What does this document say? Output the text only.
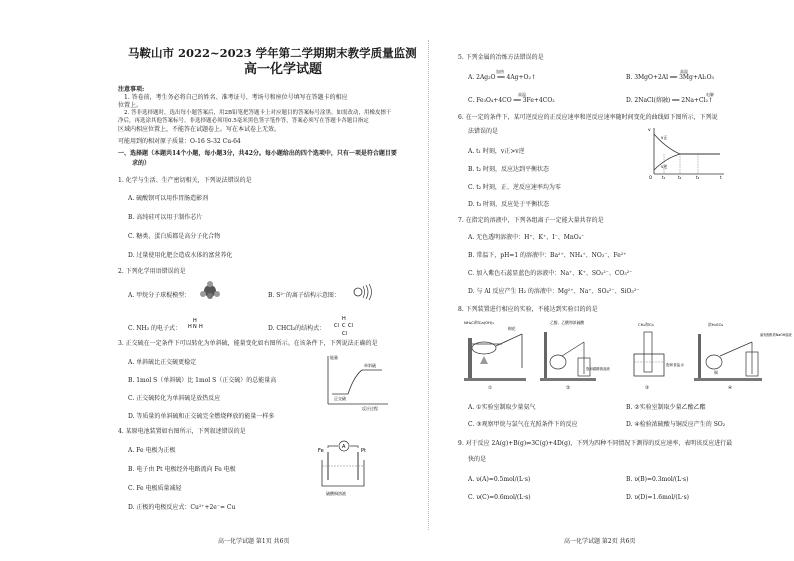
马鞍山市 2022~2023 学年第二学期期末教学质量监测
高一化学试题
注意事项:
1. 答卷前，考生务必将自己的姓名、准考证号、考场号和座位号填写在答题卡的相应
位置上。
2. 答非选择题时，选出每小题答案后，用2B铅笔把答题卡上对应题目的答案标号涂黑。如需改动，用橡皮擦干
净后，再选涂其他答案标号。非选择题必须用0.5毫米黑色签字笔作答，答案必须写在答题卡各题目指定
区域内相应位置上，不能答在试题卷上。写在本试卷上无效。
可能用到的相对原子质量：O-16 S-32 Cu-64
一、选择题（本题共14个小题，每小题3分，共42分。每小题给出的四个选项中，只有一项是符合题目要
求的）
1. 化学与生活、生产密切相关，下列说法错误的是
A. 硫酸钡可以用作胃肠造影剂
B. 高纯硅可以用于制作芯片
C. 糖类、蛋白质都是高分子化合物
D. 过量使用化肥会造成水体的富营养化
2. 下列化学用语错误的是
A. 甲烷分子球棍模型：	B. S²⁻的离子结构示意图：
C. NH₃ 的电子式：
H
H N H	D. CHCl₃的结构式：
H
Cl C Cl
Cl
3. 正交硫在一定条件下可以转化为单斜硫，能量变化如右图所示。在该条件下，下列说法正确的是
A. 单斜硫比正交硫更稳定
B. 1mol S（单斜硫）比 1mol S（正交硫）的总能量高
C. 正交硫转化为单斜硫是放热反应
D. 等质量的单斜硫和正交硫完全燃烧释放的能量一样多
能量
单斜硫
正交硫
反应过程
4. 某原电池装置如右图所示，下列叙述错误的是
A. Fe 电极为正极
B. 电子由 Pt 电极经外电路流向 Fe 电极
C. Fe 电极质量减轻
D. 正极的电极反应式：Cu²⁺+2e⁻= Cu
A
Fe	Pt
硫酸铜溶液
高一化学试题 第1页 共6页
5. 下列金属的冶炼方法错误的是
加热
A. 2Ag₂O ══ 4Ag+O₂↑
高温
B. 3MgO+2Al ══ 3Mg+Al₂O₃
高温
C. Fe₃O₄+4CO ══ 3Fe+4CO₂
电解
D. 2NaCl(熔融) ══ 2Na+Cl₂↑
6. 在一定的条件下，某可逆反应的正反应速率和逆反应速率随时间变化的曲线如下图所示，下列说
法错误的是
A. t₁ 时刻，v正>v逆
B. t₂ 时刻，反应达到平衡状态
C. t₂ 时刻，正、逆反应速率均为零
D. t₃ 时刻，反应处于平衡状态
v
v正
v逆
O t₁	t₂	t₃	t
7. 在指定的溶液中，下列各组离子一定能大量共存的是
A. 无色透明溶液中：H⁺、K⁺、I⁻、MnO₄⁻
B. 常温下，pH=1 的溶液中：Ba²⁺、NH₄⁺、NO₃⁻、Fe²⁺
C. 加入紫色石蕊显蓝色的溶液中：Na⁺、K⁺、SO₃²⁻、CO₃²⁻
D. 与 Al 反应产生 H₂ 的溶液中：Mg²⁺、Na⁺、SO₄²⁻、SiO₃²⁻
8. 下列装置进行相应的实验，不能达到实验目的的是
NH₄Cl和Ca(OH)₂
棉花
①
乙醇、乙酸和浓硫酸
饱和碳酸钠溶液
②
CH₄和Cl₂
饱和食盐水
③
浓H₂SO₄
铜
滴有酚酞的NaOH溶液
④
A. ①实验室制取少量氨气	B. ②实验室制取少量乙酸乙酯
C. ③观察甲烷与氯气在光照条件下的反应	D. ④检验浓硫酸与铜反应产生的 SO₂
9. 对于反应 2A(g)+B(g)⇌3C(g)+4D(g)，下列为四种不同情况下测得的反应速率，表明该反应进行最
快的是
A. υ(A)=0.5mol/(L·s)	B. υ(B)=0.3mol/(L·s)
C. υ(C)=0.6mol/(L·s)	D. υ(D)=1.6mol/(L·s)
高一化学试题 第2页 共6页
